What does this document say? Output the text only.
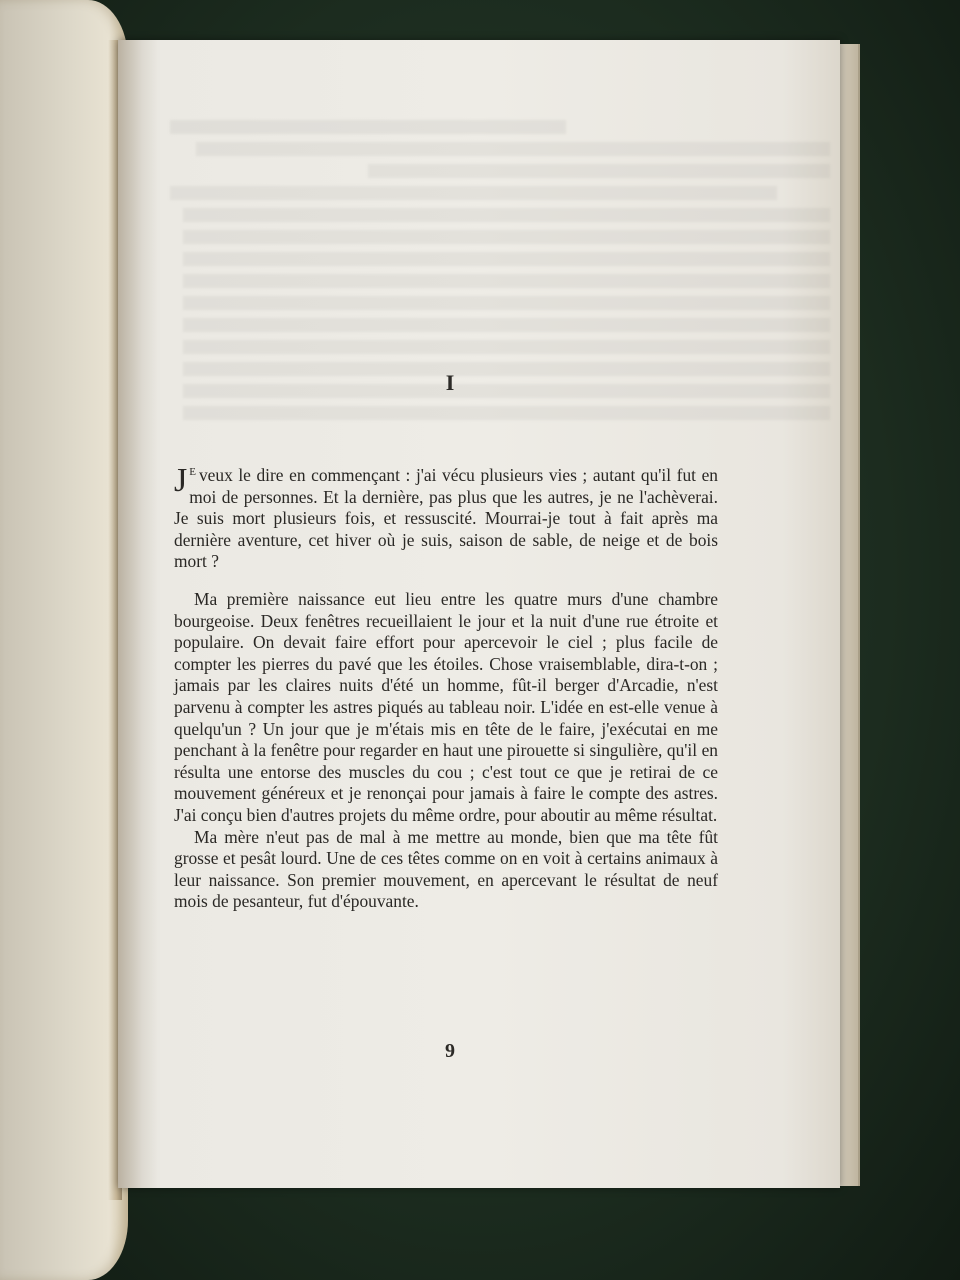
I

J $^E$ veux le dire en commençant : j'ai vécu plusieurs vies ; autant qu'il fut en moi de personnes. Et la dernière, pas plus que les autres, je ne l'achèverai. Je suis mort plusieurs fois, et ressuscité. Mourrai-je tout à fait après ma dernière aventure, cet hiver où je suis, saison de sable, de neige et de bois mort ?

Ma première naissance eut lieu entre les quatre murs d'une chambre bourgeoise. Deux fenêtres recueillaient le jour et la nuit d'une rue étroite et populaire. On devait faire effort pour apercevoir le ciel ; plus facile de compter les pierres du pavé que les étoiles. Chose vraisemblable, dira-t-on ; jamais par les claires nuits d'été un homme, fût-il berger d'Arcadie, n'est parvenu à compter les astres piqués au tableau noir. L'idée en est-elle venue à quelqu'un ? Un jour que je m'étais mis en tête de le faire, j'exécutai en me penchant à la fenêtre pour regarder en haut une pirouette si singulière, qu'il en résulta une entorse des muscles du cou ; c'est tout ce que je retirai de ce mouvement généreux et je renonçai pour jamais à faire le compte des astres. J'ai conçu bien d'autres projets du même ordre, pour aboutir au même résultat.

Ma mère n'eut pas de mal à me mettre au monde, bien que ma tête fût grosse et pesât lourd. Une de ces têtes comme on en voit à certains animaux à leur naissance. Son premier mouvement, en apercevant le résultat de neuf mois de pesanteur, fut d'épouvante.

9
